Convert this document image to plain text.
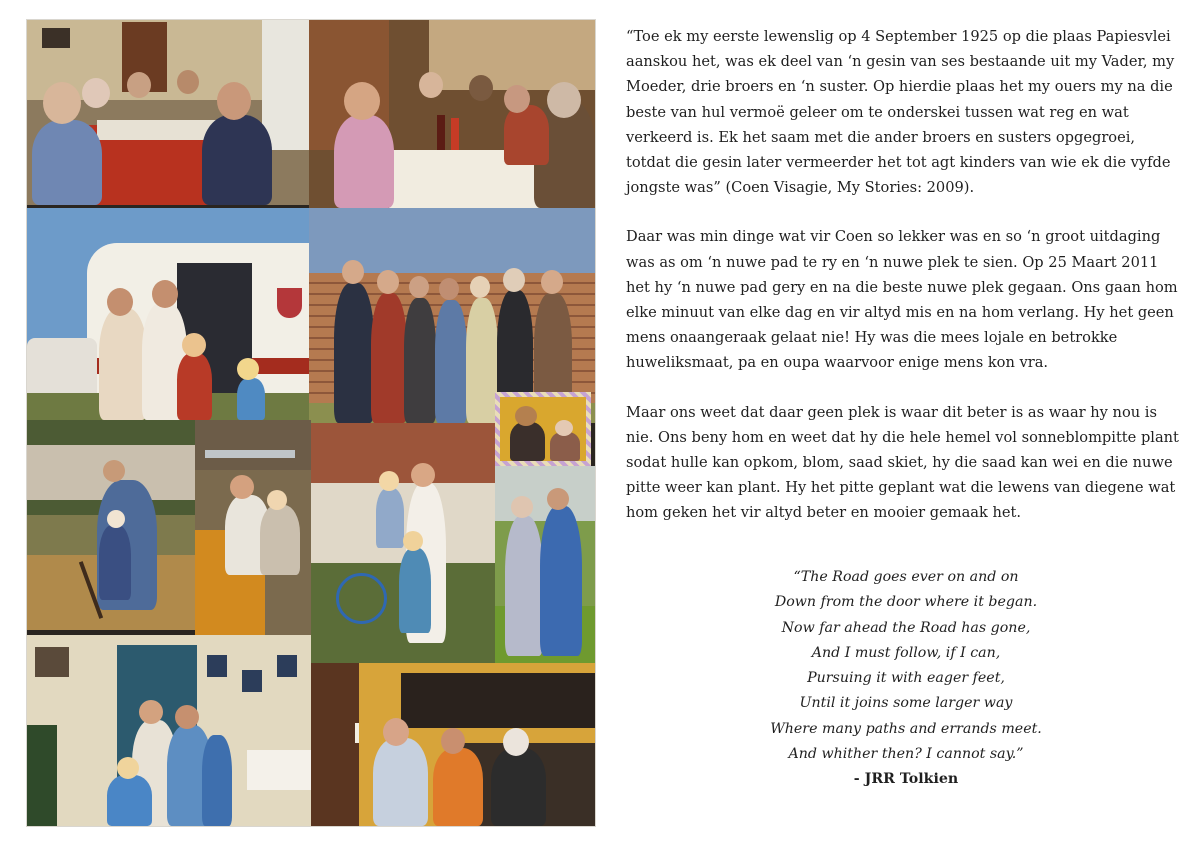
“Toe ek my eerste lewenslig op 4 September 1925 op die plaas Papiesvlei aanskou het, was ek deel van ‘n gesin van ses bestaande uit my Vader, my Moeder, drie broers en ‘n suster. Op hierdie plaas het my ouers my na die beste van hul vermoë geleer om te onderskei tussen wat reg en wat verkeerd is. Ek het saam met die ander broers en susters opgegroei, totdat die gesin later vermeerder het tot agt kinders van wie ek die vyfde jongste was” (Coen Visagie, My Stories: 2009).

Daar was min dinge wat vir Coen so lekker was en so ‘n groot uitdaging was as om ‘n nuwe pad te ry en ‘n nuwe plek te sien. Op 25 Maart 2011 het hy ‘n nuwe pad gery en na die beste nuwe plek gegaan. Ons gaan hom elke minuut van elke dag en vir altyd mis en na hom verlang. Hy het geen mens onaangeraak gelaat nie! Hy was die mees lojale en betrokke huweliksmaat, pa en oupa waarvoor enige mens kon vra.

Maar ons weet dat daar geen plek is waar dit beter is as waar hy nou is nie. Ons beny hom en weet dat hy die hele hemel vol sonneblompitte plant sodat hulle kan opkom, blom, saad skiet, hy die saad kan wei en die nuwe pitte weer kan plant. Hy het pitte geplant wat die lewens van diegene wat hom geken het vir altyd beter en mooier gemaak het.

“The Road goes ever on and on
Down from the door where it began.
Now far ahead the Road has gone,
And I must follow, if I can,
Pursuing it with eager feet,
Until it joins some larger way
Where many paths and errands meet.
And whither then? I cannot say.”
- JRR Tolkien
